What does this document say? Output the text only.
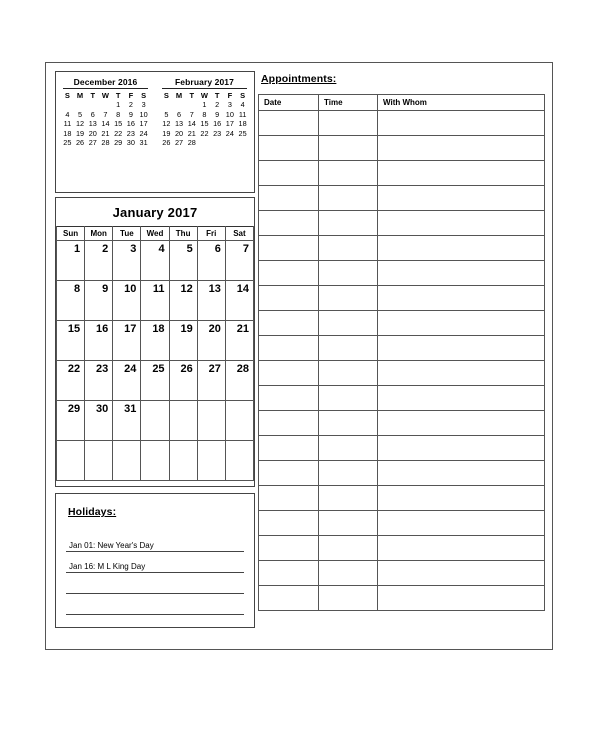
December 2016
S	M	T	W	T	F	S
				1	2	3
4	5	6	7	8	9	10
11	12	13	14	15	16	17
18	19	20	21	22	23	24
25	26	27	28	29	30	31
February 2017
S	M	T	W	T	F	S
			1	2	3	4
5	6	7	8	9	10	11
12	13	14	15	16	17	18
19	20	21	22	23	24	25
26	27	28				
January 2017
Sun	Mon	Tue	Wed	Thu	Fri	Sat
1	2	3	4	5	6	7
8	9	10	11	12	13	14
15	16	17	18	19	20	21
22	23	24	25	26	27	28
29	30	31				

Holidays:
Jan 01: New Year's Day
Jan 16: M L King Day
Appointments:
Date	Time	With Whom
